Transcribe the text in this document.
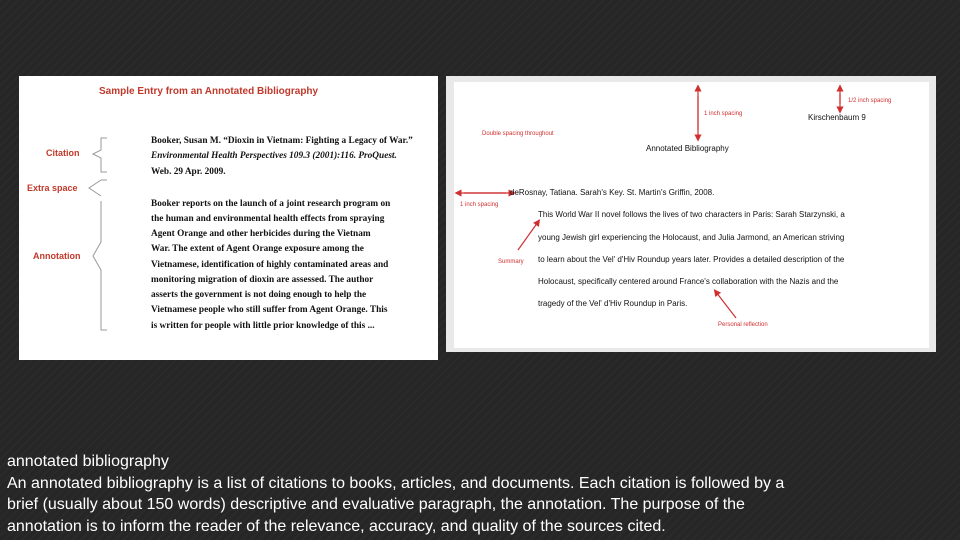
Sample Entry from an Annotated Bibliography
Citation
Extra space
Annotation
Booker, Susan M. “Dioxin in Vietnam: Fighting a Legacy of War.”
Environmental Health Perspectives 109.3 (2001):116. ProQuest.
Web. 29 Apr. 2009.
Booker reports on the launch of a joint research program on
the human and environmental health effects from spraying
Agent Orange and other herbicides during the Vietnam
War. The extent of Agent Orange exposure among the
Vietnamese, identification of highly contaminated areas and
monitoring migration of dioxin are assessed. The author
asserts the government is not doing enough to help the
Vietnamese people who still suffer from Agent Orange. This
is written for people with little prior knowledge of this ...
1/2 inch spacing
1 inch spacing	Kirschenbaum 9
Double spacing throughout
Annotated Bibliography
deRosnay, Tatiana. Sarah's Key. St. Martin's Griffin, 2008.
1 inch spacing
This World War II novel follows the lives of two characters in Paris: Sarah Starzynski, a
young Jewish girl experiencing the Holocaust, and Julia Jarmond, an American striving
Summary to learn about the Vel' d'Hiv Roundup years later. Provides a detailed description of the
Holocaust, specifically centered around France's collaboration with the Nazis and the
tragedy of the Vel' d'Hiv Roundup in Paris.
Personal reflection
annotated bibliography
An annotated bibliography is a list of citations to books, articles, and documents. Each citation is followed by a
brief (usually about 150 words) descriptive and evaluative paragraph, the annotation. The purpose of the
annotation is to inform the reader of the relevance, accuracy, and quality of the sources cited.
